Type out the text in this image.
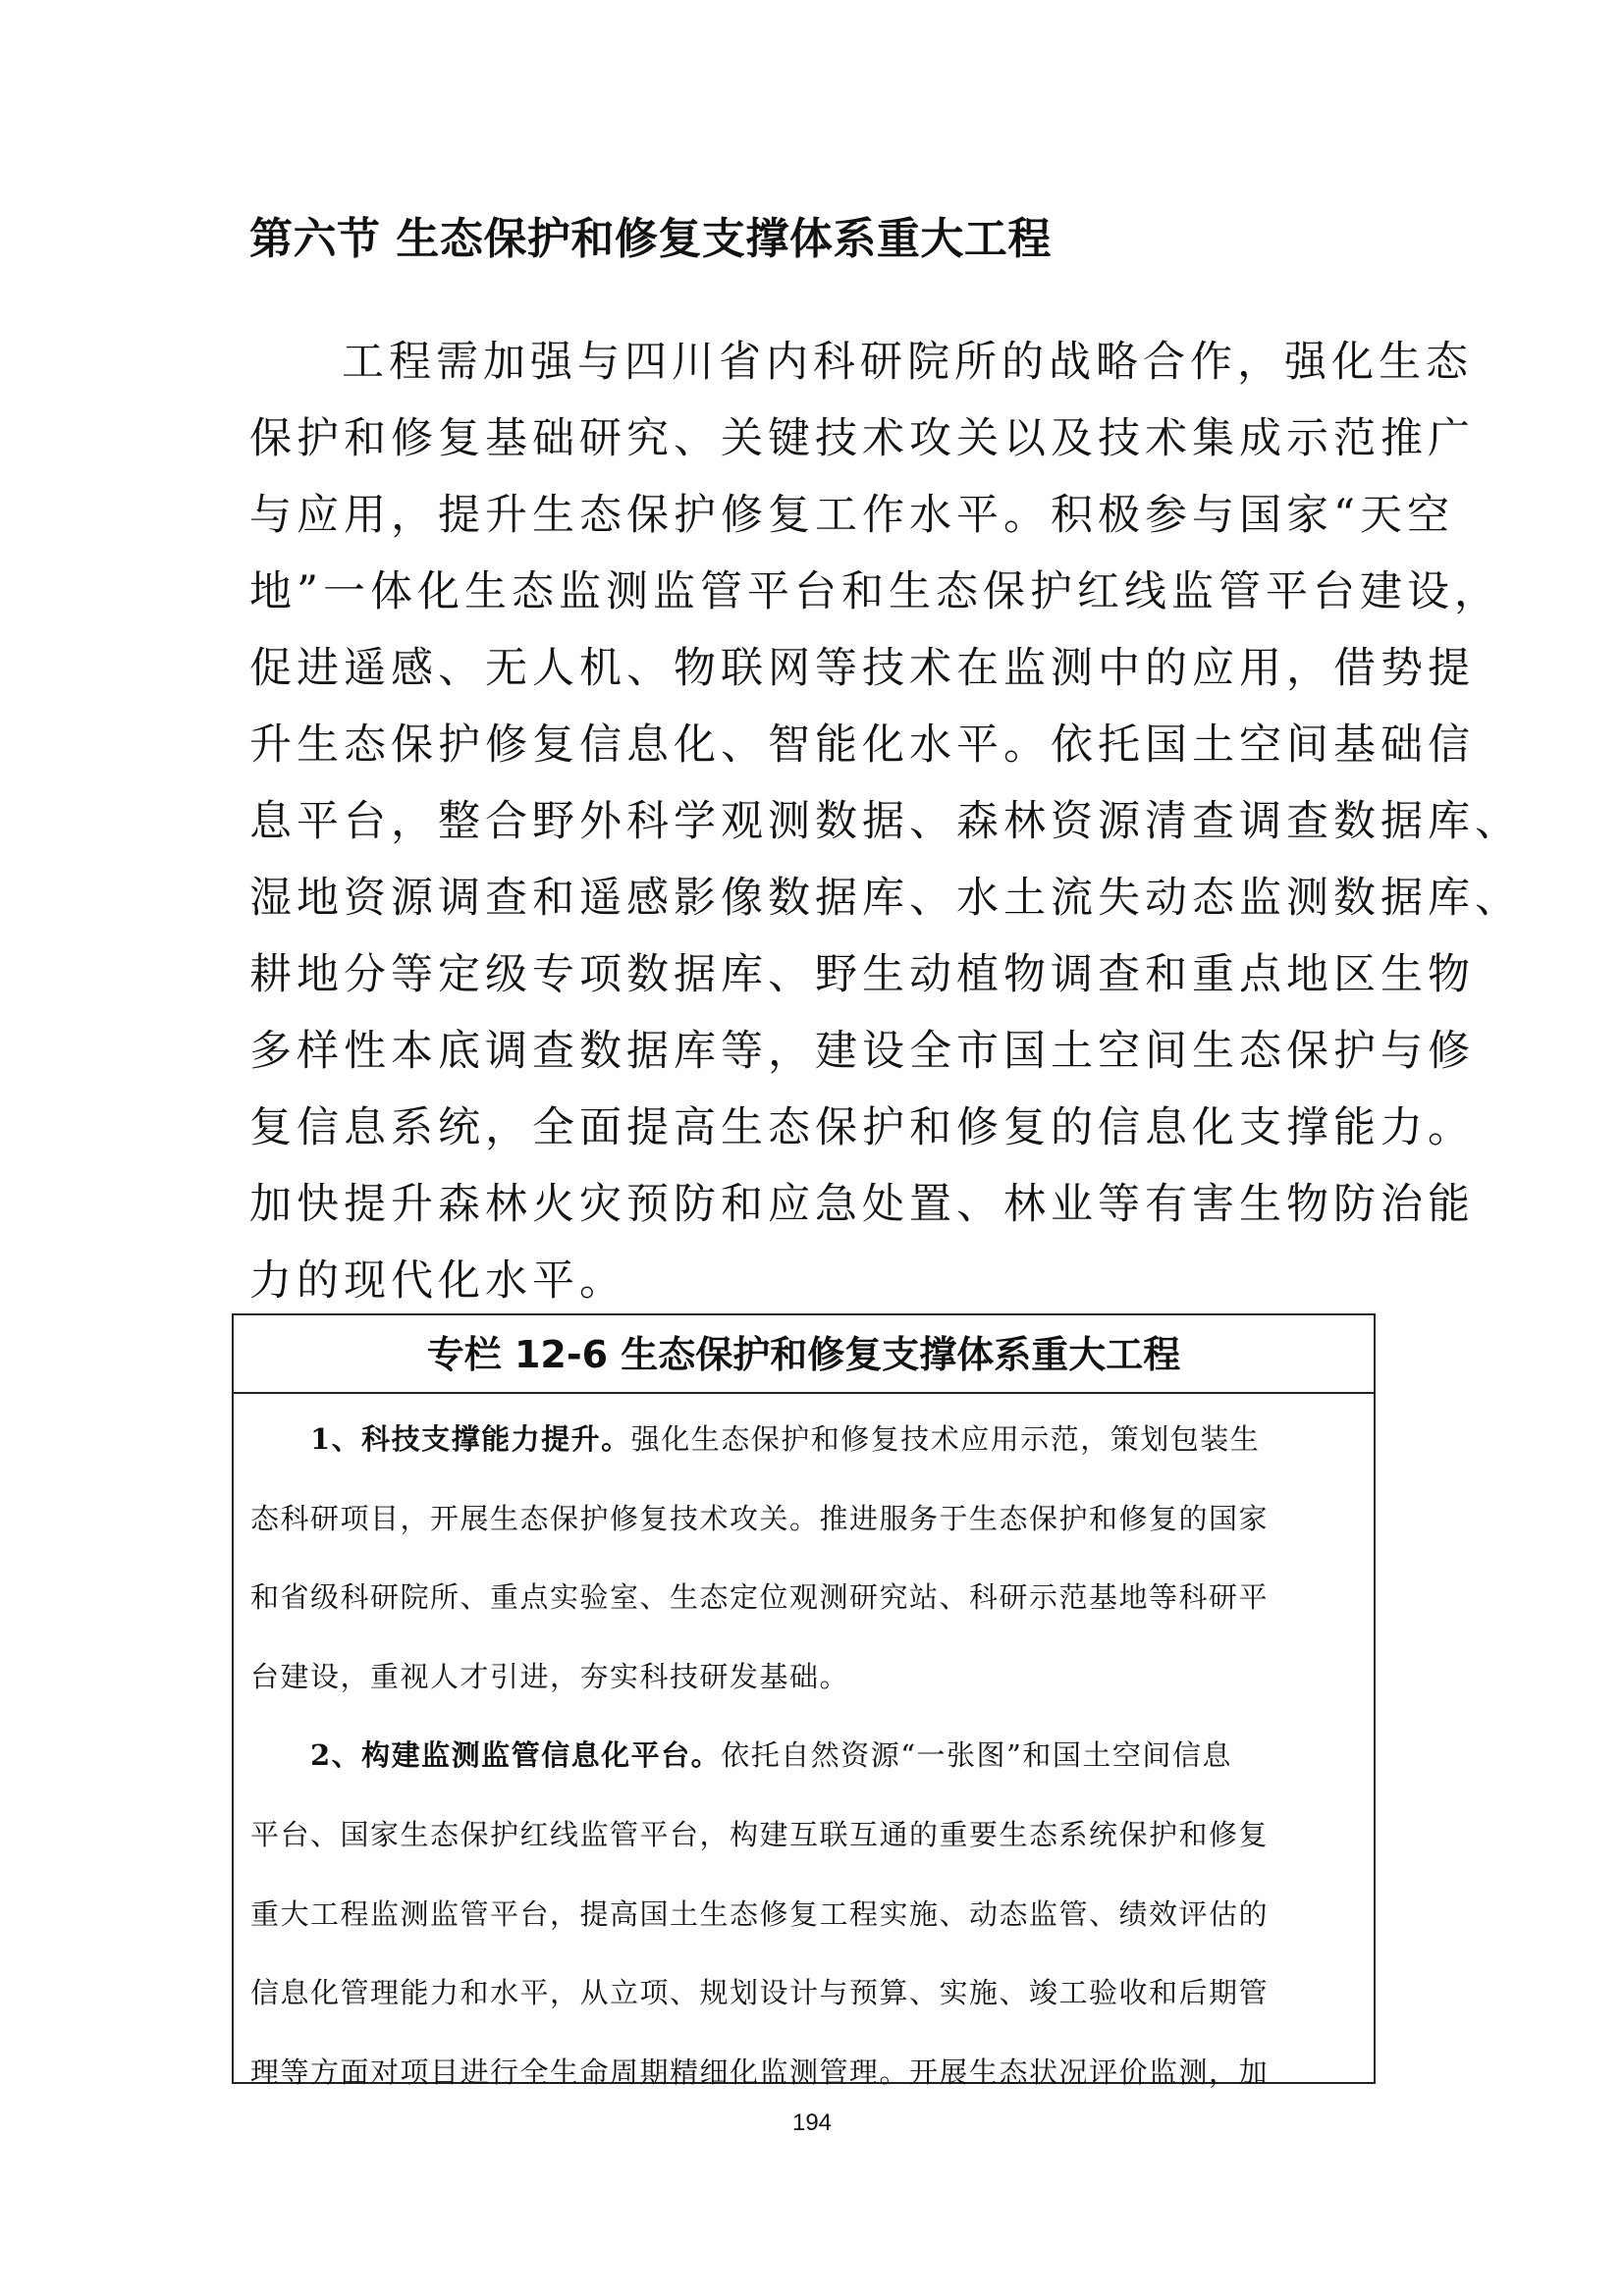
第六节 生态保护和修复支撑体系重大工程
工程需加强与四川省内科研院所的战略合作，强化生态
保护和修复基础研究、关键技术攻关以及技术集成示范推广
与应用，提升生态保护修复工作水平。积极参与国家“天空
地”一体化生态监测监管平台和生态保护红线监管平台建设，
促进遥感、无人机、物联网等技术在监测中的应用，借势提
升生态保护修复信息化、智能化水平。依托国土空间基础信
息平台，整合野外科学观测数据、森林资源清查调查数据库、
湿地资源调查和遥感影像数据库、水土流失动态监测数据库、
耕地分等定级专项数据库、野生动植物调查和重点地区生物
多样性本底调查数据库等，建设全市国土空间生态保护与修
复信息系统，全面提高生态保护和修复的信息化支撑能力。
加快提升森林火灾预防和应急处置、林业等有害生物防治能
力的现代化水平。
专栏 12-6 生态保护和修复支撑体系重大工程
1、科技支撑能力提升。强化生态保护和修复技术应用示范，策划包装生
态科研项目，开展生态保护修复技术攻关。推进服务于生态保护和修复的国家
和省级科研院所、重点实验室、生态定位观测研究站、科研示范基地等科研平
台建设，重视人才引进，夯实科技研发基础。
2、构建监测监管信息化平台。依托自然资源“一张图”和国土空间信息
平台、国家生态保护红线监管平台，构建互联互通的重要生态系统保护和修复
重大工程监测监管平台，提高国土生态修复工程实施、动态监管、绩效评估的
信息化管理能力和水平，从立项、规划设计与预算、实施、竣工验收和后期管
理等方面对项目进行全生命周期精细化监测管理。开展生态状况评价监测，加
194
